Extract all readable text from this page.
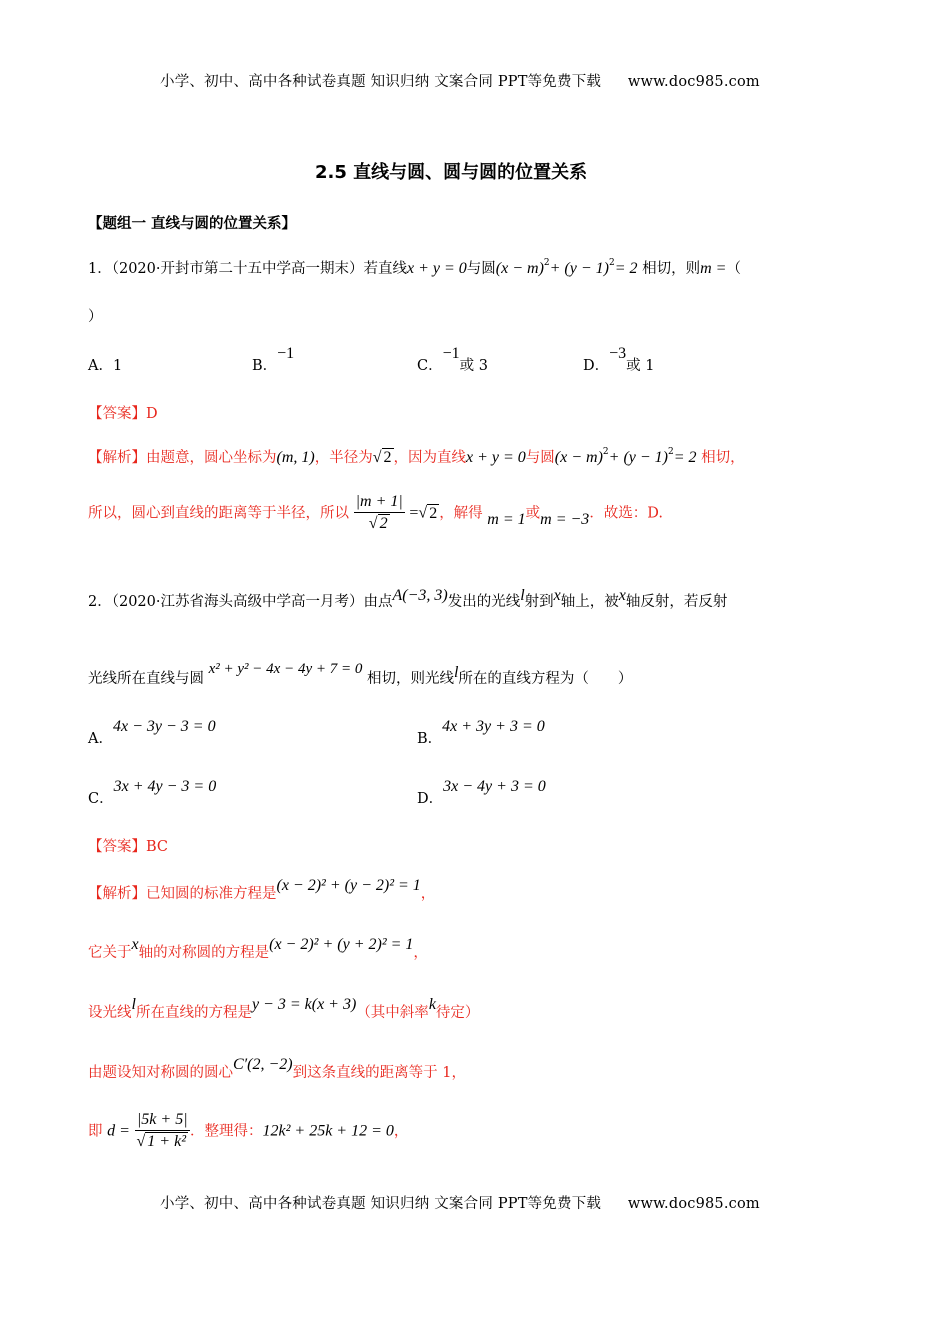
小学、初中、高中各种试卷真题 知识归纳 文案合同 PPT等免费下载 www.doc985.com
2.5 直线与圆、圆与圆的位置关系
【题组一 直线与圆的位置关系】
1．（2020·开封市第二十五中学高一期末）若直线x + y = 0与圆$(x - m)^2+ (y - 1)^2= 2$ 相切，则m =（
）
A．1	B．−1
C．−1或 3	D．−3或 1
【答案】D
【解析】由题意，圆心坐标为(m, 1)，半径为√ 2 ，因为直线x + y = 0与圆$(x - m)^2+ (y - 1)^2= 2$ 相切，
所以，圆心到直线的距离等于半径，所以 $\frac{|m + 1|}{√ 2}$ =√ 2 ，解得 m = 1或m = −3．故选：D.
2．（2020·江苏省海头高级中学高一月考）由点A(−3, 3)发出的光线l射到x轴上，被x轴反射，若反射
光线所在直线与圆 x² + y² − 4x − 4y + 7 = 0 相切，则光线l所在的直线方程为（　　）
A．4x − 3y − 3 = 0
B．4x + 3y + 3 = 0
C．3x + 4y − 3 = 0
D．3x − 4y + 3 = 0
【答案】BC
【解析】已知圆的标准方程是(x − 2)² + (y − 2)² = 1，
它关于x轴的对称圆的方程是(x − 2)² + (y + 2)² = 1，
设光线l所在直线的方程是y − 3 = k(x + 3)（其中斜率k待定）
由题设知对称圆的圆心C′(2, −2)到这条直线的距离等于 1，
即 $d = \frac{|5k + 5|}{\text{√ 1 + k²}}$ ．整理得：12k² + 25k + 12 = 0，
小学、初中、高中各种试卷真题 知识归纳 文案合同 PPT等免费下载 www.doc985.com
